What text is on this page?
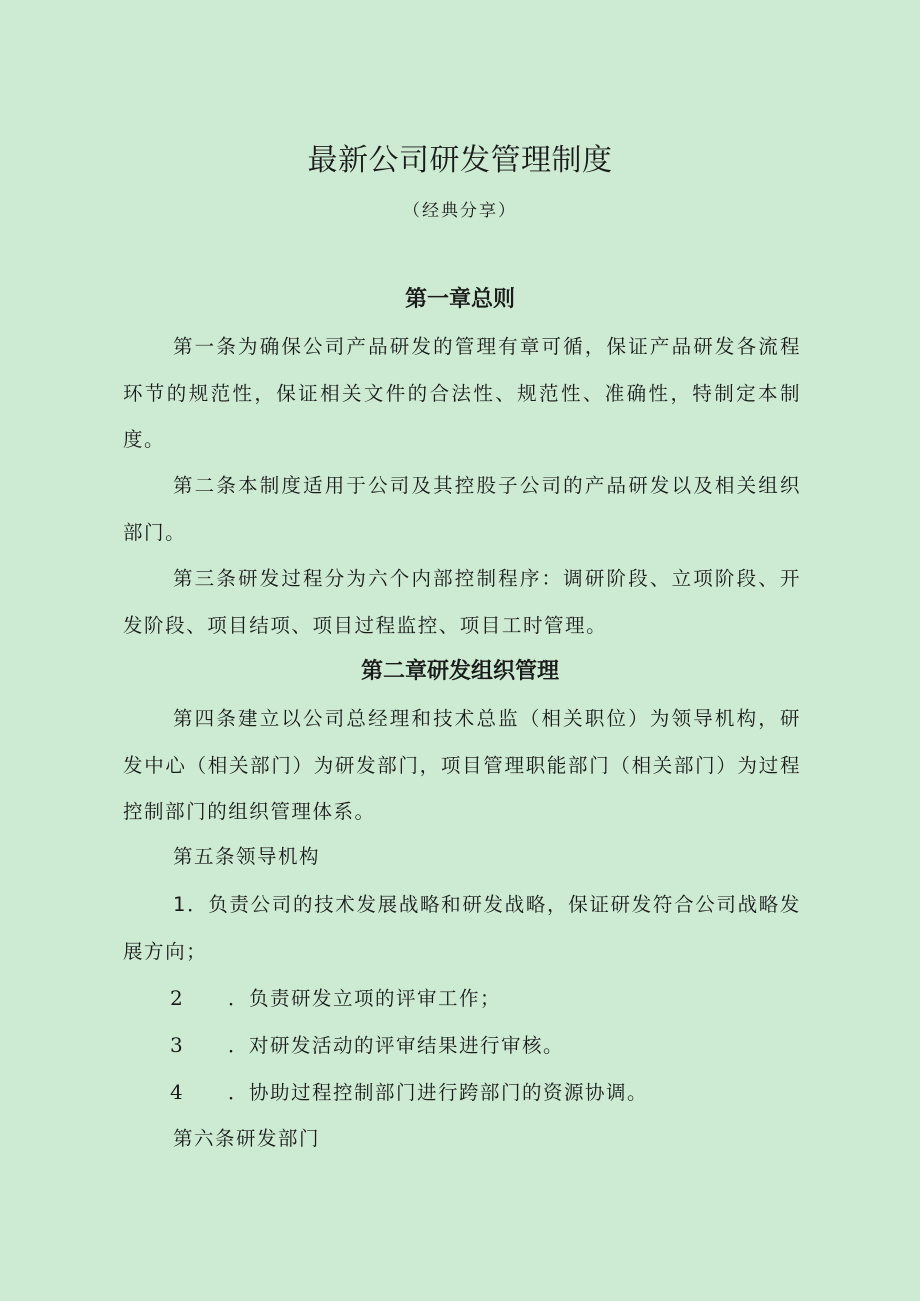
最新公司研发管理制度
（经典分享）
第一章总则
第一条为确保公司产品研发的管理有章可循，保证产品研发各流程环节的规范性，保证相关文件的合法性、规范性、准确性，特制定本制度。
第二条本制度适用于公司及其控股子公司的产品研发以及相关组织部门。
第三条研发过程分为六个内部控制程序：调研阶段、立项阶段、开发阶段、项目结项、项目过程监控、项目工时管理。
第二章研发组织管理
第四条建立以公司总经理和技术总监（相关职位）为领导机构，研发中心（相关部门）为研发部门，项目管理职能部门（相关部门）为过程控制部门的组织管理体系。
第五条领导机构
1．负责公司的技术发展战略和研发战略，保证研发符合公司战略发展方向；
2 ．负责研发立项的评审工作；
3 ．对研发活动的评审结果进行审核。
4 ．协助过程控制部门进行跨部门的资源协调。
第六条研发部门
